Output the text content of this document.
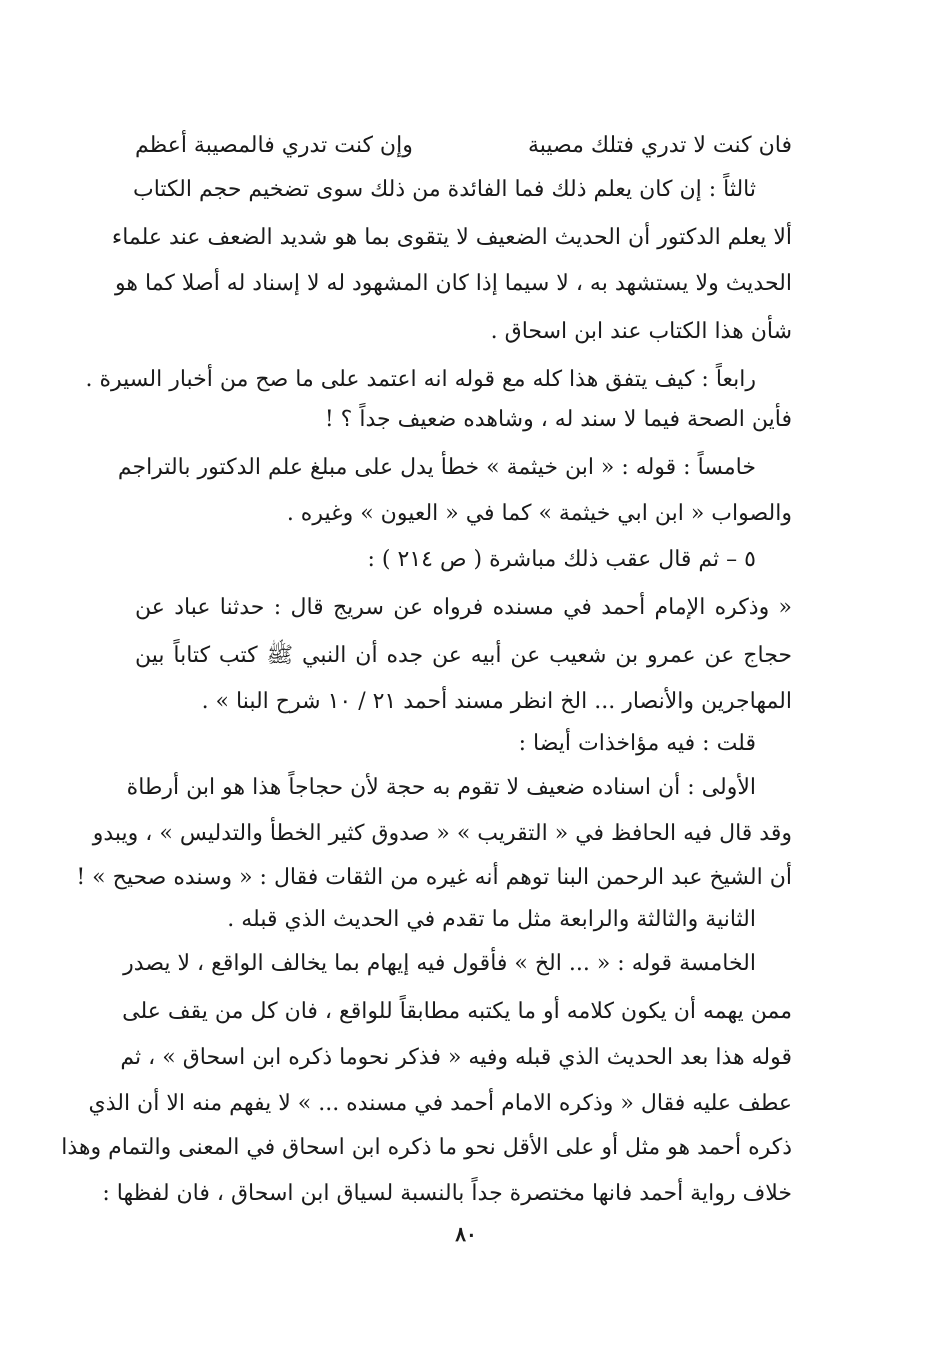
فان كنت لا تدري فتلك مصيبة
وإن كنت تدري فالمصيبة أعظم
ثالثاً : إن كان يعلم ذلك فما الفائدة من ذلك سوى تضخيم حجم الكتاب
ألا يعلم الدكتور أن الحديث الضعيف لا يتقوى بما هو شديد الضعف عند علماء
الحديث ولا يستشهد به ، لا سيما إذا كان المشهود له لا إسناد له أصلا كما هو
شأن هذا الكتاب عند ابن اسحاق .
رابعاً : كيف يتفق هذا كله مع قوله انه اعتمد على ما صح من أخبار السيرة .
فأين الصحة فيما لا سند له ، وشاهده ضعيف جداً ؟ !
خامساً : قوله : « ابن خيثمة » خطأ يدل على مبلغ علم الدكتور بالتراجم
والصواب « ابن ابي خيثمة » كما في « العيون » وغيره .
٥ – ثم قال عقب ذلك مباشرة ( ص ٢١٤ ) :
« وذكره الإمام أحمد في مسنده فرواه عن سريج قال : حدثنا عباد عن
حجاج عن عمرو بن شعيب عن أبيه عن جده أن النبي ﷺ كتب كتاباً بين
المهاجرين والأنصار ... الخ انظر مسند أحمد ٢١ / ١٠ شرح البنا » .
قلت : فيه مؤاخذات أيضا :
الأولى : أن اسناده ضعيف لا تقوم به حجة لأن حجاجاً هذا هو ابن أرطاة
وقد قال فيه الحافظ في « التقريب » « صدوق كثير الخطأ والتدليس » ، ويبدو
أن الشيخ عبد الرحمن البنا توهم أنه غيره من الثقات فقال : « وسنده صحيح » !
الثانية والثالثة والرابعة مثل ما تقدم في الحديث الذي قبله .
الخامسة قوله : « ... الخ » فأقول فيه إيهام بما يخالف الواقع ، لا يصدر
ممن يهمه أن يكون كلامه أو ما يكتبه مطابقاً للواقع ، فان كل من يقف على
قوله هذا بعد الحديث الذي قبله وفيه « فذكر نحوما ذكره ابن اسحاق » ، ثم
عطف عليه فقال « وذكره الامام أحمد في مسنده ... » لا يفهم منه الا أن الذي
ذكره أحمد هو مثل أو على الأقل نحو ما ذكره ابن اسحاق في المعنى والتمام وهذا
خلاف رواية أحمد فانها مختصرة جداً بالنسبة لسياق ابن اسحاق ، فان لفظها :
٨٠
